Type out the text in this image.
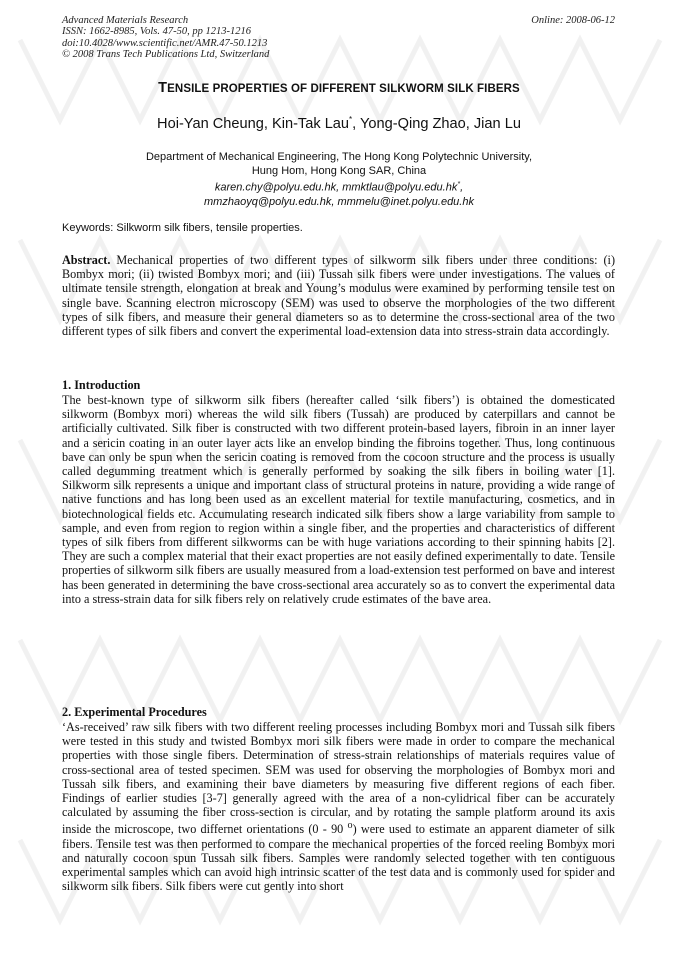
Advanced Materials Research
ISSN: 1662-8985, Vols. 47-50, pp 1213-1216
doi:10.4028/www.scientific.net/AMR.47-50.1213
© 2008 Trans Tech Publications Ltd, Switzerland
Online: 2008-06-12
TENSILE PROPERTIES OF DIFFERENT SILKWORM SILK FIBERS
Hoi-Yan Cheung, Kin-Tak Lau*, Yong-Qing Zhao, Jian Lu
Department of Mechanical Engineering, The Hong Kong Polytechnic University,
Hung Hom, Hong Kong SAR, China
karen.chy@polyu.edu.hk, mmktlau@polyu.edu.hk*,
mmzhaoyq@polyu.edu.hk, mmmelu@inet.polyu.edu.hk
Keywords: Silkworm silk fibers, tensile properties.
Abstract. Mechanical properties of two different types of silkworm silk fibers under three conditions: (i) Bombyx mori; (ii) twisted Bombyx mori; and (iii) Tussah silk fibers were under investigations. The values of ultimate tensile strength, elongation at break and Young’s modulus were examined by performing tensile test on single bave. Scanning electron microscopy (SEM) was used to observe the morphologies of the two different types of silk fibers, and measure their general diameters so as to determine the cross-sectional area of the two different types of silk fibers and convert the experimental load-extension data into stress-strain data accordingly.
1. Introduction
The best-known type of silkworm silk fibers (hereafter called ‘silk fibers’) is obtained the domesticated silkworm (Bombyx mori) whereas the wild silk fibers (Tussah) are produced by caterpillars and cannot be artificially cultivated. Silk fiber is constructed with two different protein-based layers, fibroin in an inner layer and a sericin coating in an outer layer acts like an envelop binding the fibroins together. Thus, long continuous bave can only be spun when the sericin coating is removed from the cocoon structure and the process is usually called degumming treatment which is generally performed by soaking the silk fibers in boiling water [1]. Silkworm silk represents a unique and important class of structural proteins in nature, providing a wide range of native functions and has long been used as an excellent material for textile manufacturing, cosmetics, and in biotechnological fields etc. Accumulating research indicated silk fibers show a large variability from sample to sample, and even from region to region within a single fiber, and the properties and characteristics of different types of silk fibers from different silkworms can be with huge variations according to their spinning habits [2]. They are such a complex material that their exact properties are not easily defined experimentally to date. Tensile properties of silkworm silk fibers are usually measured from a load-extension test performed on bave and interest has been generated in determining the bave cross-sectional area accurately so as to convert the experimental data into a stress-strain data for silk fibers rely on relatively crude estimates of the bave area.
2. Experimental Procedures
‘As-received’ raw silk fibers with two different reeling processes including Bombyx mori and Tussah silk fibers were tested in this study and twisted Bombyx mori silk fibers were made in order to compare the mechanical properties with those single fibers. Determination of stress-strain relationships of materials requires value of cross-sectional area of tested specimen. SEM was used for observing the morphologies of Bombyx mori and Tussah silk fibers, and examining their bave diameters by measuring five different regions of each fiber. Findings of earlier studies [3-7] generally agreed with the area of a non-cylidrical fiber can be accurately calculated by assuming the fiber cross-section is circular, and by rotating the sample platform around its axis inside the microscope, two differnet orientations (0 - 90 $^o$) were used to estimate an apparent diameter of silk fibers. Tensile test was then performed to compare the mechanical properties of the forced reeling Bombyx mori and naturally cocoon spun Tussah silk fibers. Samples were randomly selected together with ten contiguous experimental samples which can avoid high intrinsic scatter of the test data and is commonly used for spider and silkworm silk fibers. Silk fibers were cut gently into short
